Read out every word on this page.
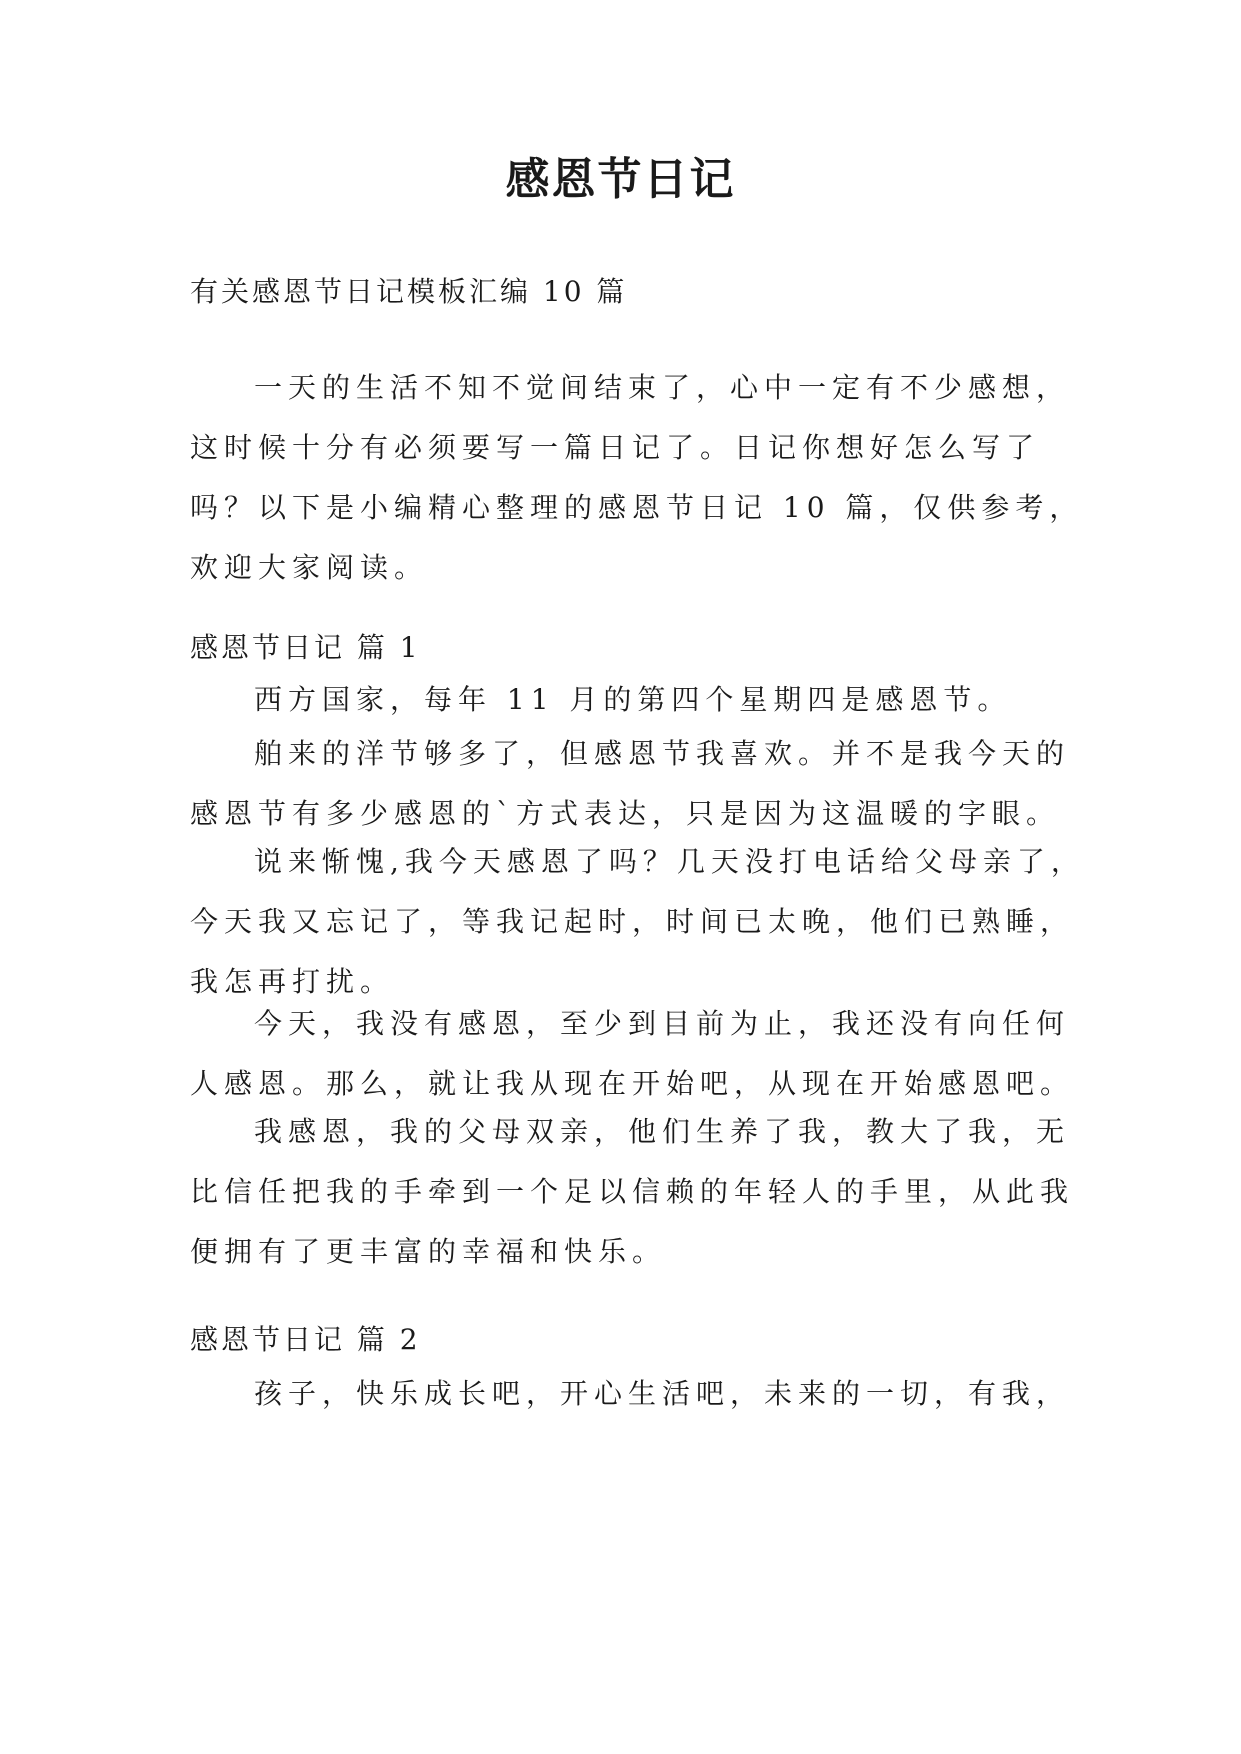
感恩节日记

有关感恩节日记模板汇编 10 篇

一天的生活不知不觉间结束了，心中一定有不少感想，
这时候十分有必须要写一篇日记了。日记你想好怎么写了
吗？以下是小编精心整理的感恩节日记 10 篇，仅供参考，
欢迎大家阅读。

感恩节日记 篇 1

西方国家，每年 11 月的第四个星期四是感恩节。

舶来的洋节够多了，但感恩节我喜欢。并不是我今天的
感恩节有多少感恩的`方式表达，只是因为这温暖的字眼。

说来惭愧,我今天感恩了吗？几天没打电话给父母亲了，
今天我又忘记了，等我记起时，时间已太晚，他们已熟睡，
我怎再打扰。

今天，我没有感恩，至少到目前为止，我还没有向任何
人感恩。那么，就让我从现在开始吧，从现在开始感恩吧。

我感恩，我的父母双亲，他们生养了我，教大了我，无
比信任把我的手牵到一个足以信赖的年轻人的手里，从此我
便拥有了更丰富的幸福和快乐。

感恩节日记 篇 2

孩子，快乐成长吧，开心生活吧，未来的一切，有我，
